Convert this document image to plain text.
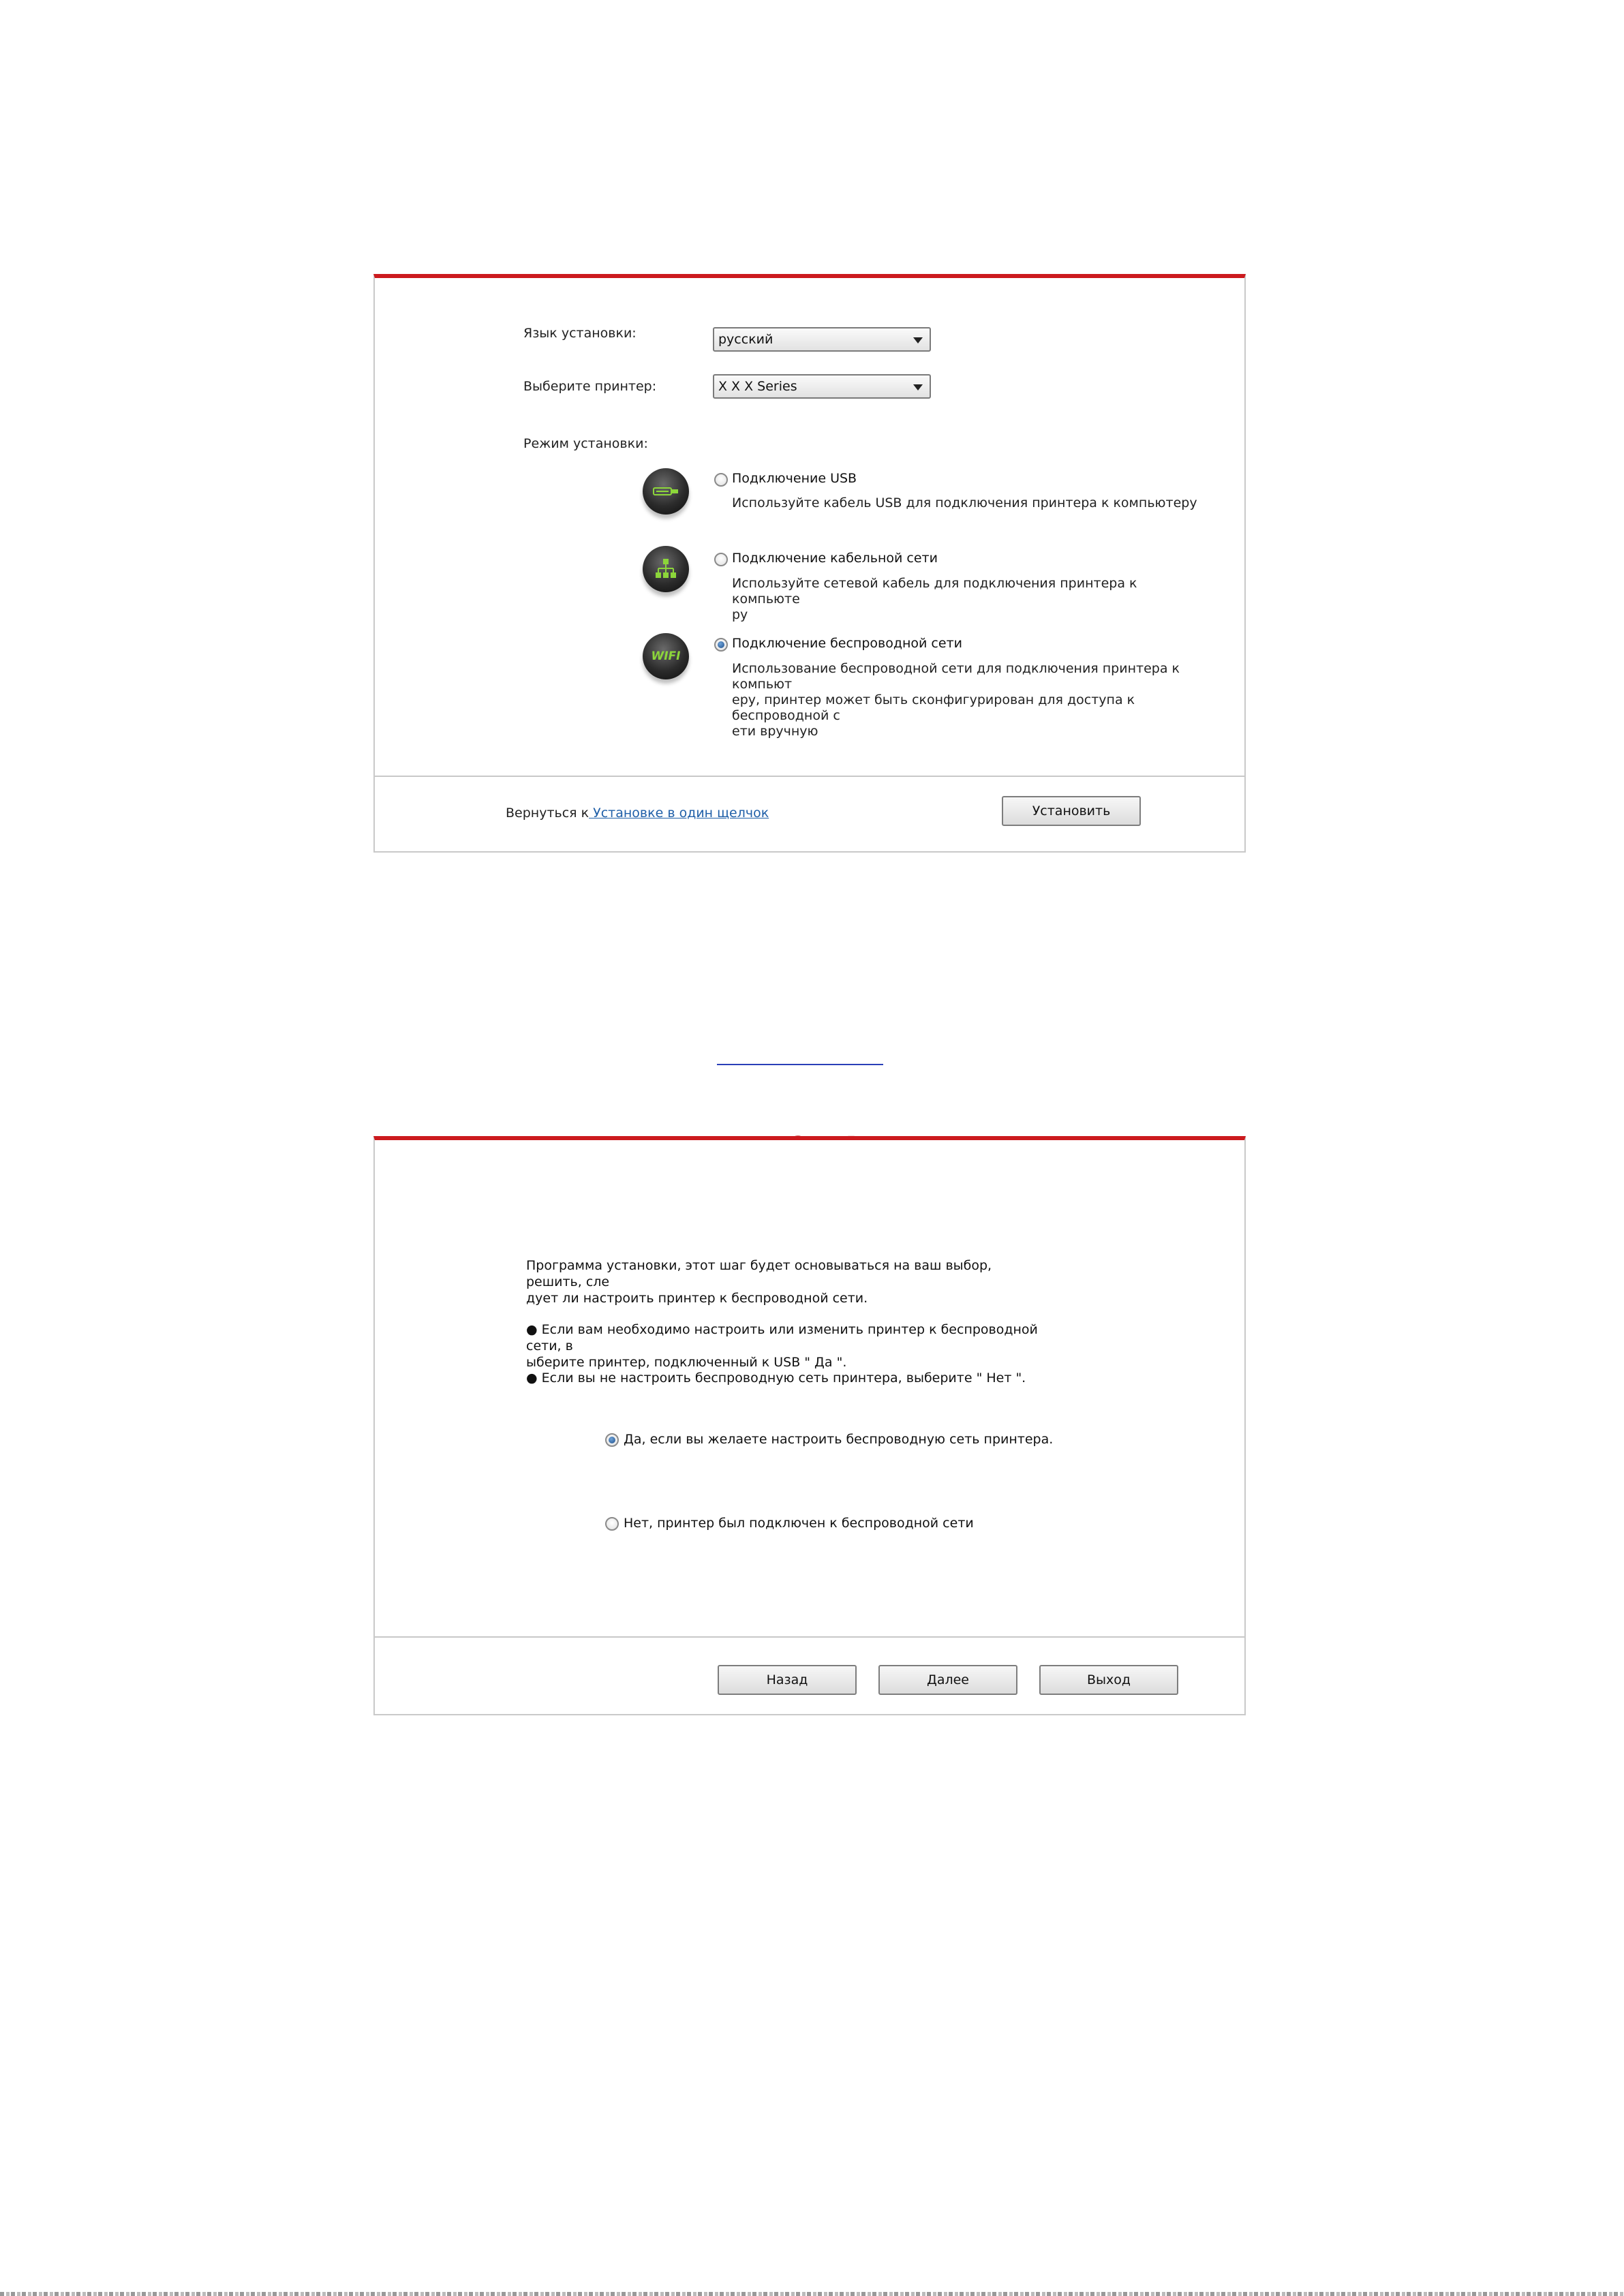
Язык установки:	русский
Выберите принтер:	X X X Series
Режим установки:
Подключение USB
Используйте кабель USB для подключения принтера к компьютеру
Подключение кабельной сети
Используйте сетевой кабель для подключения принтера к компьюте
ру
WIFI
Подключение беспроводной сети
Использование беспроводной сети для подключения принтера к компьют
еру, принтер может быть сконфигурирован для доступа к беспроводной с
ети вручную
Вернуться к Установке в один щелчок	Установить
Программа установки, этот шаг будет основываться на ваш выбор, решить, сле
дует ли настроить принтер к беспроводной сети.
● Если вам необходимо настроить или изменить принтер к беспроводной сети, в
ыберите принтер, подключенный к USB " Да ".
● Если вы не настроить беспроводную сеть принтера, выберите " Нет ".
Да, если вы желаете настроить беспроводную сеть принтера.
Нет, принтер был подключен к беспроводной сети
Назад	Далее	Выход
